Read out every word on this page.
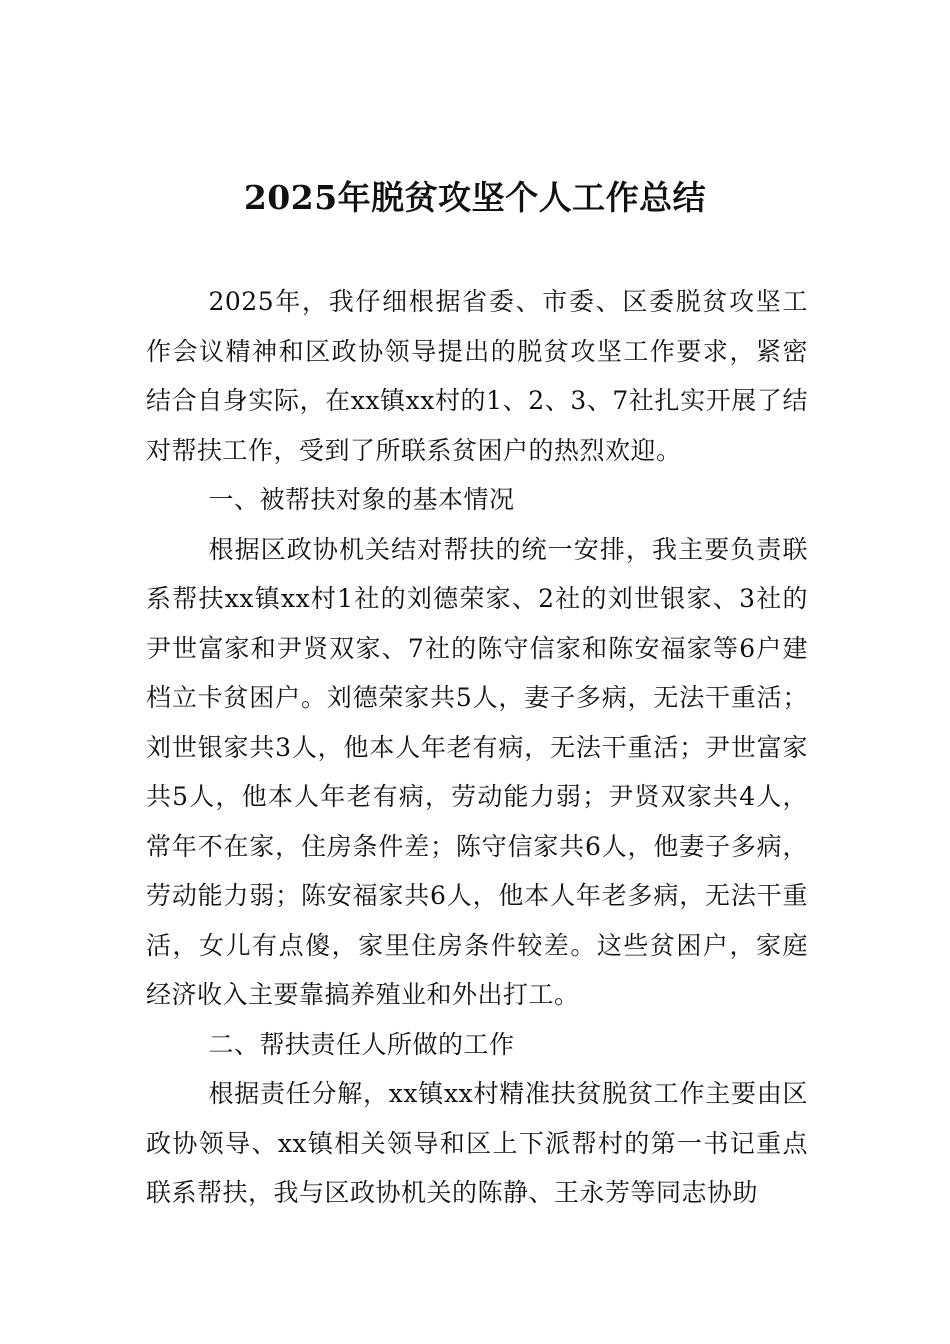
2025年脱贫攻坚个人工作总结

2025年，我仔细根据省委、市委、区委脱贫攻坚工作会议精神和区政协领导提出的脱贫攻坚工作要求，紧密结合自身实际，在xx镇xx村的1、2、3、7社扎实开展了结对帮扶工作，受到了所联系贫困户的热烈欢迎。

一、被帮扶对象的基本情况

根据区政协机关结对帮扶的统一安排，我主要负责联系帮扶xx镇xx村1社的刘德荣家、2社的刘世银家、3社的尹世富家和尹贤双家、7社的陈守信家和陈安福家等6户建档立卡贫困户。刘德荣家共5人，妻子多病，无法干重活；刘世银家共3人，他本人年老有病，无法干重活；尹世富家共5人，他本人年老有病，劳动能力弱；尹贤双家共4人，常年不在家，住房条件差；陈守信家共6人，他妻子多病，劳动能力弱；陈安福家共6人，他本人年老多病，无法干重活，女儿有点傻，家里住房条件较差。这些贫困户，家庭经济收入主要靠搞养殖业和外出打工。

二、帮扶责任人所做的工作

根据责任分解，xx镇xx村精准扶贫脱贫工作主要由区政协领导、xx镇相关领导和区上下派帮村的第一书记重点联系帮扶，我与区政协机关的陈静、王永芳等同志协助
